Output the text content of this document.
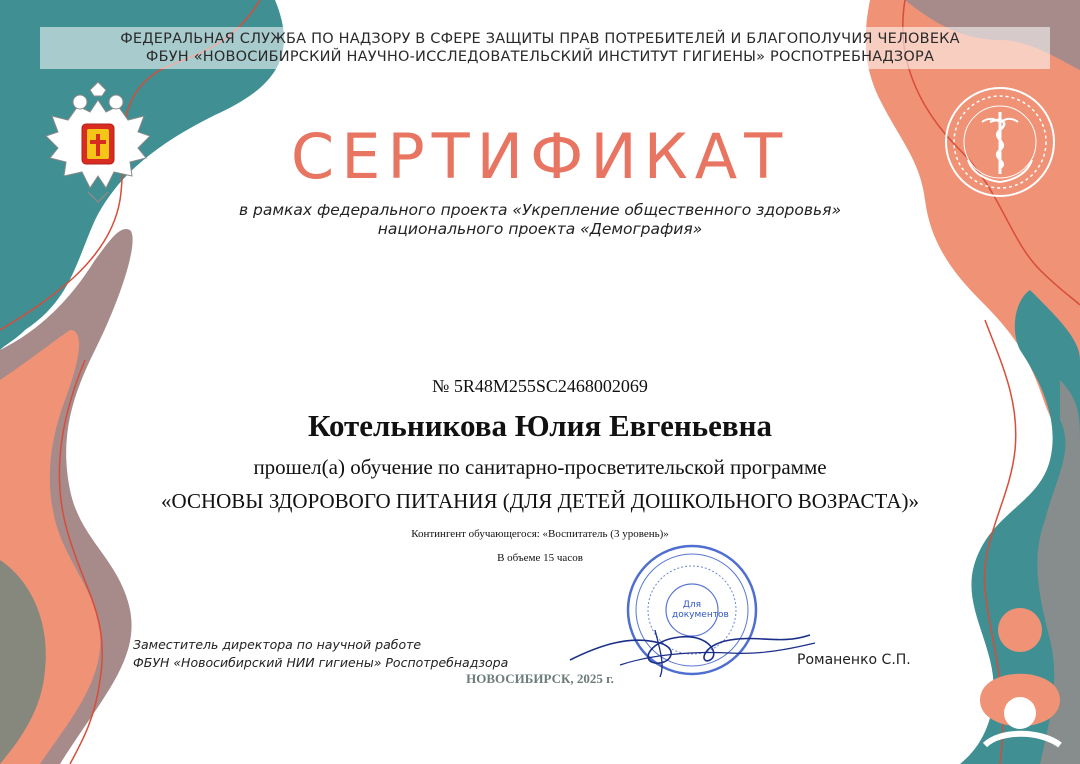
ФЕДЕРАЛЬНАЯ СЛУЖБА ПО НАДЗОРУ В СФЕРЕ ЗАЩИТЫ ПРАВ ПОТРЕБИТЕЛЕЙ И БЛАГОПОЛУЧИЯ ЧЕЛОВЕКА
ФБУН «НОВОСИБИРСКИЙ НАУЧНО-ИССЛЕДОВАТЕЛЬСКИЙ ИНСТИТУТ ГИГИЕНЫ» РОСПОТРЕБНАДЗОРА
СЕРТИФИКАТ
в рамках федерального проекта «Укрепление общественного здоровья»
национального проекта «Демография»
№ 5R48M255SC2468002069
Котельникова Юлия Евгеньевна
прошел(а) обучение по санитарно-просветительской программе
«ОСНОВЫ ЗДОРОВОГО ПИТАНИЯ (ДЛЯ ДЕТЕЙ ДОШКОЛЬНОГО ВОЗРАСТА)»
Контингент обучающегося: «Воспитатель (3 уровень)»
В объеме 15 часов
Для документов
Заместитель директора по научной работе
ФБУН «Новосибирский НИИ гигиены» Роспотребнадзора	Романенко С.П.
НОВОСИБИРСК, 2025 г.
